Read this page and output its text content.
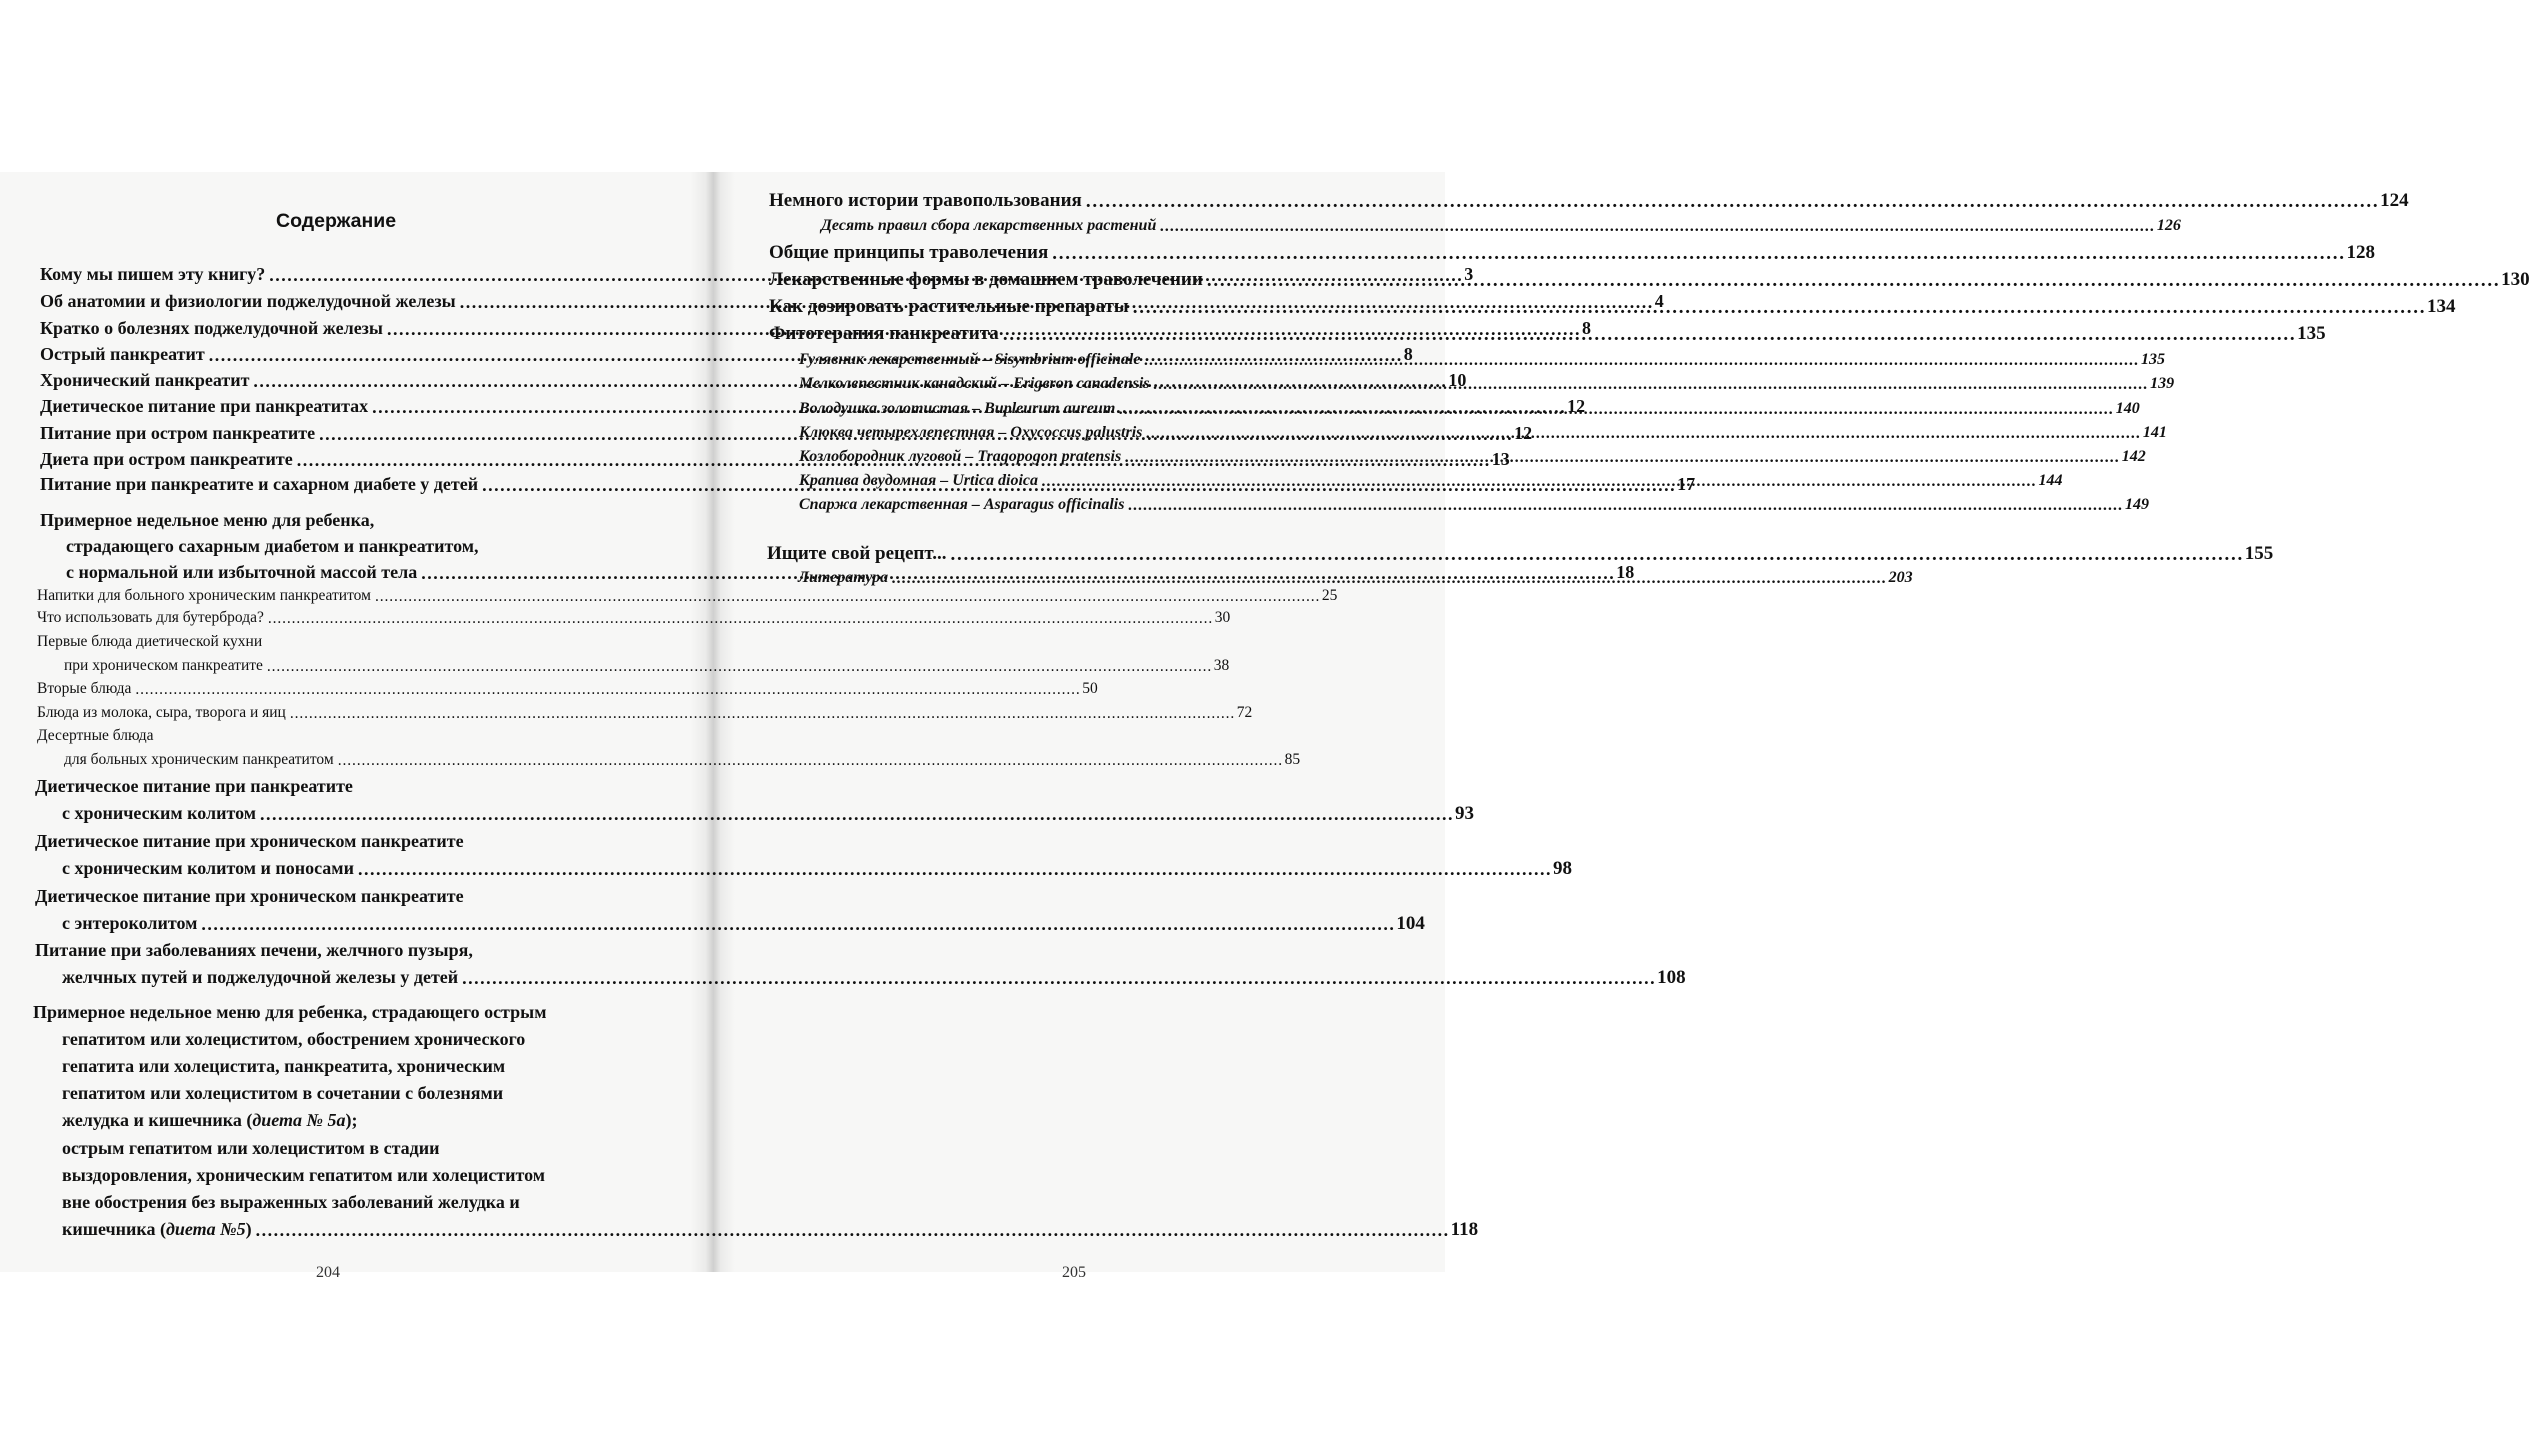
Содержание
Кому мы пишем эту книгу? . . .	3
Об анатомии и физиологии поджелудочной железы . . .	4
Кратко о болезнях поджелудочной железы . . .	8
Острый панкреатит . . .	8
Хронический панкреатит . . .	10
Диетическое питание при панкреатитах . . .	12
Питание при остром панкреатите . . .	12
Диета при остром панкреатите . . .	13
Питание при панкреатите и сахарном диабете у детей . . .	17
Примерное недельное меню для ребенка,
страдающего сахарным диабетом и панкреатитом,
с нормальной или избыточной массой тела . . .	18
Напитки для больного хроническим панкреатитом . . .	25
Что использовать для бутерброда? . . .	30
Первые блюда диетической кухни
при хроническом панкреатите . . .	38
Вторые блюда . . .	50
Блюда из молока, сыра, творога и яиц . . .	72
Десертные блюда
для больных хроническим панкреатитом . . .	85
Диетическое питание при панкреатите
с хроническим колитом . . .	93
Диетическое питание при хроническом панкреатите
с хроническим колитом и поносами . . .	98
Диетическое питание при хроническом панкреатите
с энтероколитом . . .	104
Питание при заболеваниях печени, желчного пузыря,
желчных путей и поджелудочной железы у детей . . .	108
Примерное недельное меню для ребенка, страдающего острым
гепатитом или холециститом, обострением хронического
гепатита или холецистита, панкреатита, хроническим
гепатитом или холециститом в сочетании с болезнями
желудка и кишечника (диета № 5а);
острым гепатитом или холециститом в стадии
выздоровления, хроническим гепатитом или холециститом
вне обострения без выраженных заболеваний желудка и
кишечника (диета №5) . . .	118
204
Немного истории травопользования . . .	124
Десять правил сбора лекарственных растений . . .	126
Общие принципы траволечения . . .	128
Лекарственные формы в домашнем траволечении . . .	130
Как дозировать растительные препараты . . .	134
Фитотерапия панкреатита . . .	135
Гулявник лекарственный – Sisymbrium officinale . . .	135
Мелколепестник канадский – Erigeron canadensis . . .	139
Володушка золотистая – Bupleurum aureum . . .	140
Клюква четырехлепестная – Oxycoccus palustris . . .	141
Козлобородник луговой – Tragopogon pratensis . . .	142
Крапива двудомная – Urtica dioica . . .	144
Спаржа лекарственная – Asparagus officinalis . . .	149
Ищите свой рецепт... . . .	155
Литература . . .	203
205
